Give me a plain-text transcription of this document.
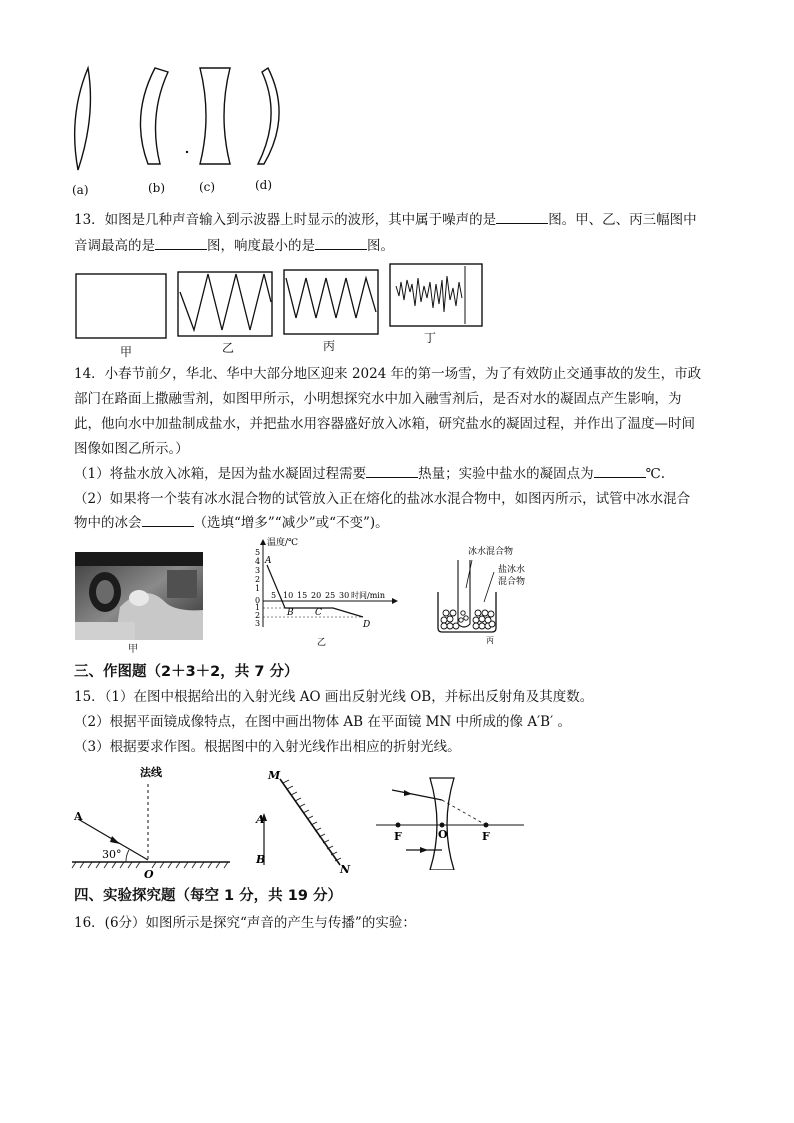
(a)	(b)	(c)	(d)
13．如图是几种声音输入到示波器上时显示的波形，其中属于噪声的是	图。甲、乙、丙三幅图中
音调最高的是	图，响度最小的是	图。
甲	乙	丙
丁
14．小春节前夕，华北、华中大部分地区迎来 2024 年的第一场雪，为了有效防止交通事故的发生，市政
部门在路面上撒融雪剂，如图甲所示，小明想探究水中加入融雪剂后，是否对水的凝固点产生影响，为
此，他向水中加盐制成盐水，并把盐水用容器盛好放入冰箱，研究盐水的凝固过程，并作出了温度—时间
图像如图乙所示。）
（1）将盐水放入冰箱，是因为盐水凝固过程需要	热量；实验中盐水的凝固点为	℃.
（2）如果将一个装有冰水混合物的试管放入正在熔化的盐冰水混合物中，如图丙所示，试管中冰水混合
物中的冰会	（选填“增多”“减少”或“不变”)。
甲
5
4
3
2
1
0
1
2
3
5 10 15 20 25 30
温度/℃
时间/min
A
B C
D
乙
冰水混合物
盐冰水
混合物
丙
三、作图题（2＋3＋2，共 7 分）
15．（1）在图中根据给出的入射光线 AO 画出反射光线 OB，并标出反射角及其度数。
（2）根据平面镜成像特点，在图中画出物体 AB 在平面镜 MN 中所成的像 A′B′ 。
（3）根据要求作图。根据图中的入射光线作出相应的折射光线。
法线
A
30°
O
M
N
A
B
F	O	F
四、实验探究题（每空 1 分，共 19 分）
16．(6分）如图所示是探究“声音的产生与传播”的实验：
